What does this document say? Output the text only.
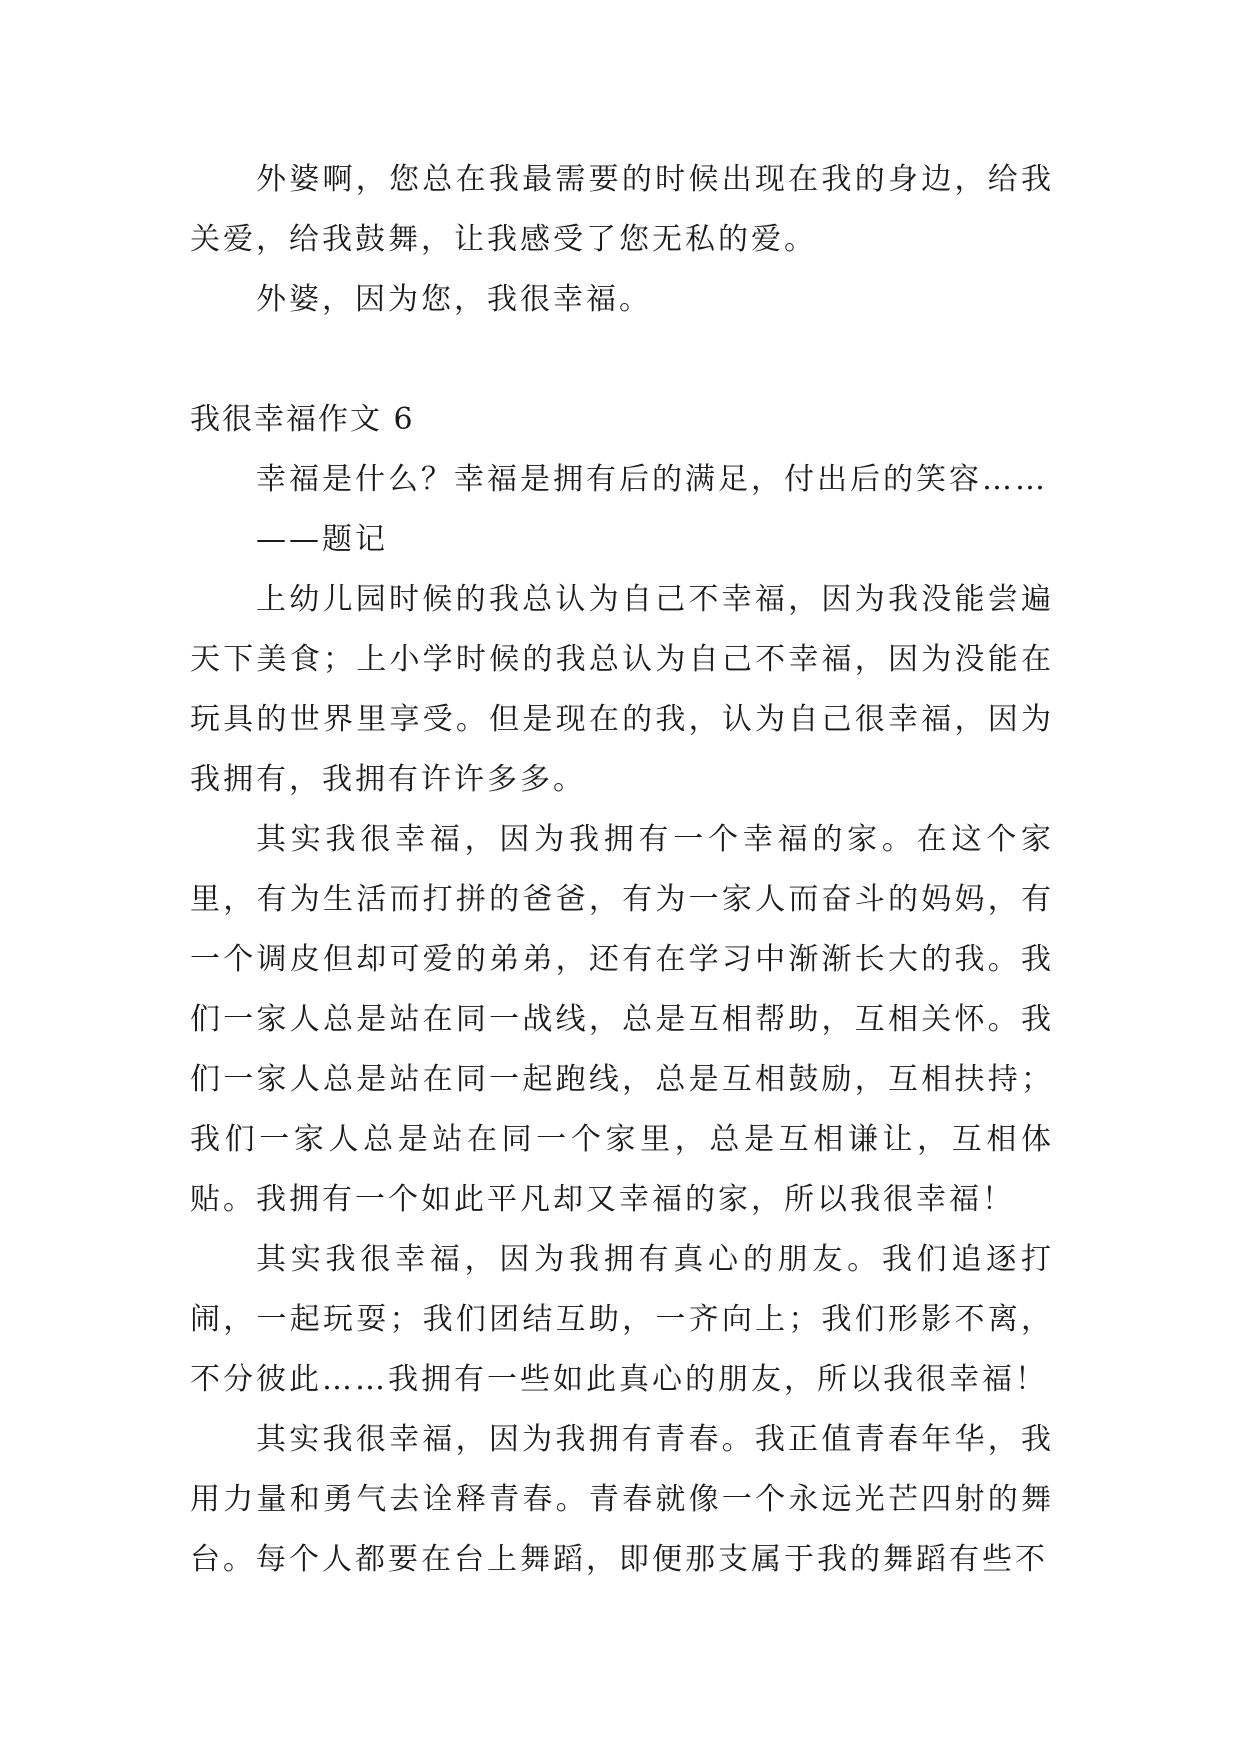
外婆啊，您总在我最需要的时候出现在我的身边，给我关爱，给我鼓舞，让我感受了您无私的爱。

外婆，因为您，我很幸福。

我很幸福作文 6

幸福是什么？幸福是拥有后的满足，付出后的笑容……

——题记

上幼儿园时候的我总认为自己不幸福，因为我没能尝遍天下美食；上小学时候的我总认为自己不幸福，因为没能在玩具的世界里享受。但是现在的我，认为自己很幸福，因为我拥有，我拥有许许多多。

其实我很幸福，因为我拥有一个幸福的家。在这个家里，有为生活而打拼的爸爸，有为一家人而奋斗的妈妈，有一个调皮但却可爱的弟弟，还有在学习中渐渐长大的我。我们一家人总是站在同一战线，总是互相帮助，互相关怀。我们一家人总是站在同一起跑线，总是互相鼓励，互相扶持；我们一家人总是站在同一个家里，总是互相谦让，互相体贴。我拥有一个如此平凡却又幸福的家，所以我很幸福！

其实我很幸福，因为我拥有真心的朋友。我们追逐打闹，一起玩耍；我们团结互助，一齐向上；我们形影不离，不分彼此……我拥有一些如此真心的朋友，所以我很幸福！

其实我很幸福，因为我拥有青春。我正值青春年华，我用力量和勇气去诠释青春。青春就像一个永远光芒四射的舞台。每个人都要在台上舞蹈，即便那支属于我的舞蹈有些不
